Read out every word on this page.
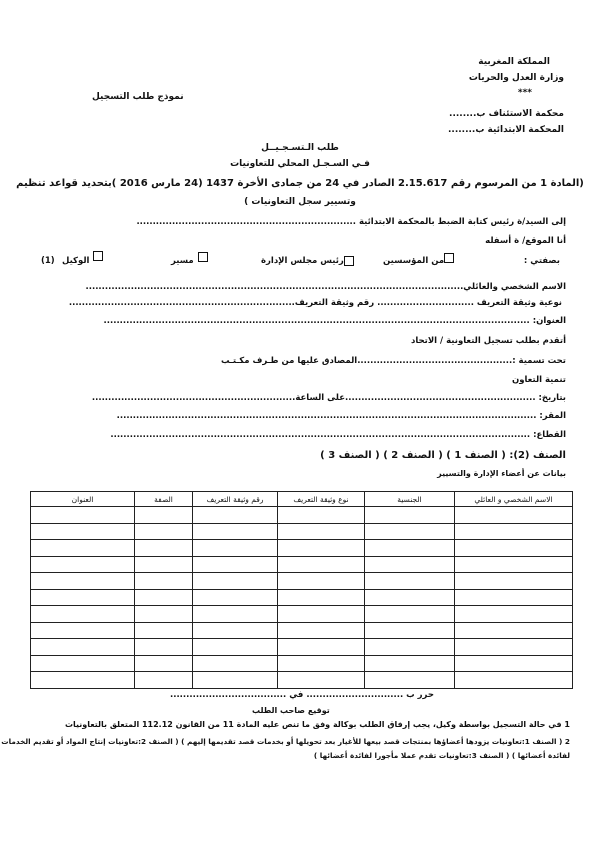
المملكة المغربية
وزارة العدل والحريات
***
محكمة الاستئناف ب........
المحكمة الابتدائية ب........
نموذج طلب التسجيل
طلب الـتسـجـيــل
فـي السـجـل المحلي للتعاونيات
(المادة 1 من المرسوم رقم 2.15.617 الصادر في 24 من جمادى الأخرة 1437 (24 مارس 2016 )بتحديد قواعد تنظيم
وتسيير سجل التعاونيات )
إلى السيد/ة رئيس كتابة الضبط بالمحكمة الابتدائية ....................................................................
أنا الموقع/ ة أسفله
بصفتي :
من المؤسسين
رئيس مجلس الإدارة
مسير
الوكيل
(1)
الاسم الشخصي والعائلي.....................................................................................................................
نوعية وثيقة التعريف .............................. رقم وثيقة التعريف......................................................................
العنوان: ....................................................................................................................................
أتقدم بطلب تسجيل التعاونية / الاتحاد
تحت تسمية :................................................المصادق عليها من طـرف مكـتـب
تنمية التعاون
بتاريخ: ...........................................................على الساعة...............................................................
المقر: ..................................................................................................................................
القطاع: ..................................................................................................................................
الصنف (2): ( الصنف 1 ) ( الصنف 2 ) ( الصنف 3 )
بيانات عن أعضاء الإدارة والتسيير
الاسم الشخصي و العائلي	الجنسية	نوع وثيقة التعريف	رقم وثيقة التعريف	الصفة	العنوان

حرر ب .............................. في ....................................
توقيع صاحب الطلب
1 في حالة التسجيل بواسطة وكيل، يجب إرفاق الطلب بوكالة وفق ما تنص عليه المادة 11 من القانون 112.12 المتعلق بالتعاونيات
2 ( الصنف 1:تعاونيات يزودها أعضاؤها بمنتجات قصد بيعها للأغيار بعد تحويلها أو بخدمات قصد تقديمها إليهم ) ( الصنف 2:تعاونيات إنتاج المواد أو تقديم الخدمات
لفائدة أعضائها ) ( الصنف 3:تعاونيات تقدم عملا مأجورا لفائدة أعضائها )
